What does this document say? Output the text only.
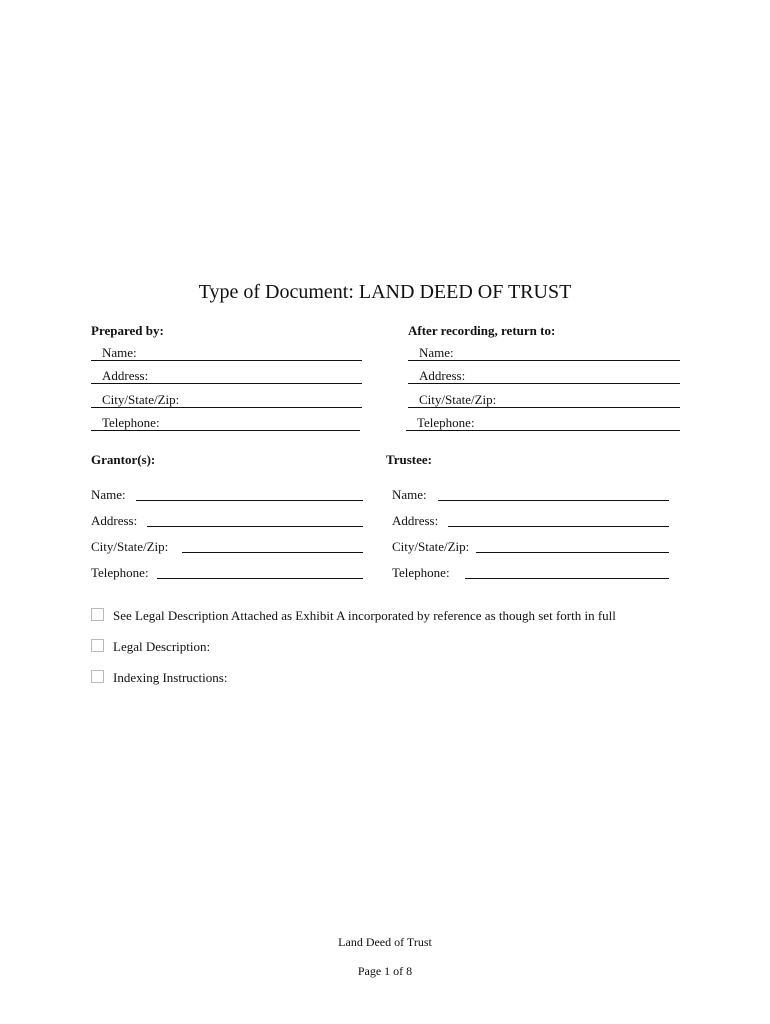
Type of Document: LAND DEED OF TRUST
Prepared by:
Name:
Address:
City/State/Zip:
Telephone:
After recording, return to:
Name:
Address:
City/State/Zip:
Telephone:
Grantor(s):
Name:
Address:
City/State/Zip:
Telephone:
Trustee:
Name:
Address:
City/State/Zip:
Telephone:
See Legal Description Attached as Exhibit A incorporated by reference as though set forth in full
Legal Description:
Indexing Instructions:
Land Deed of Trust
Page 1 of 8
